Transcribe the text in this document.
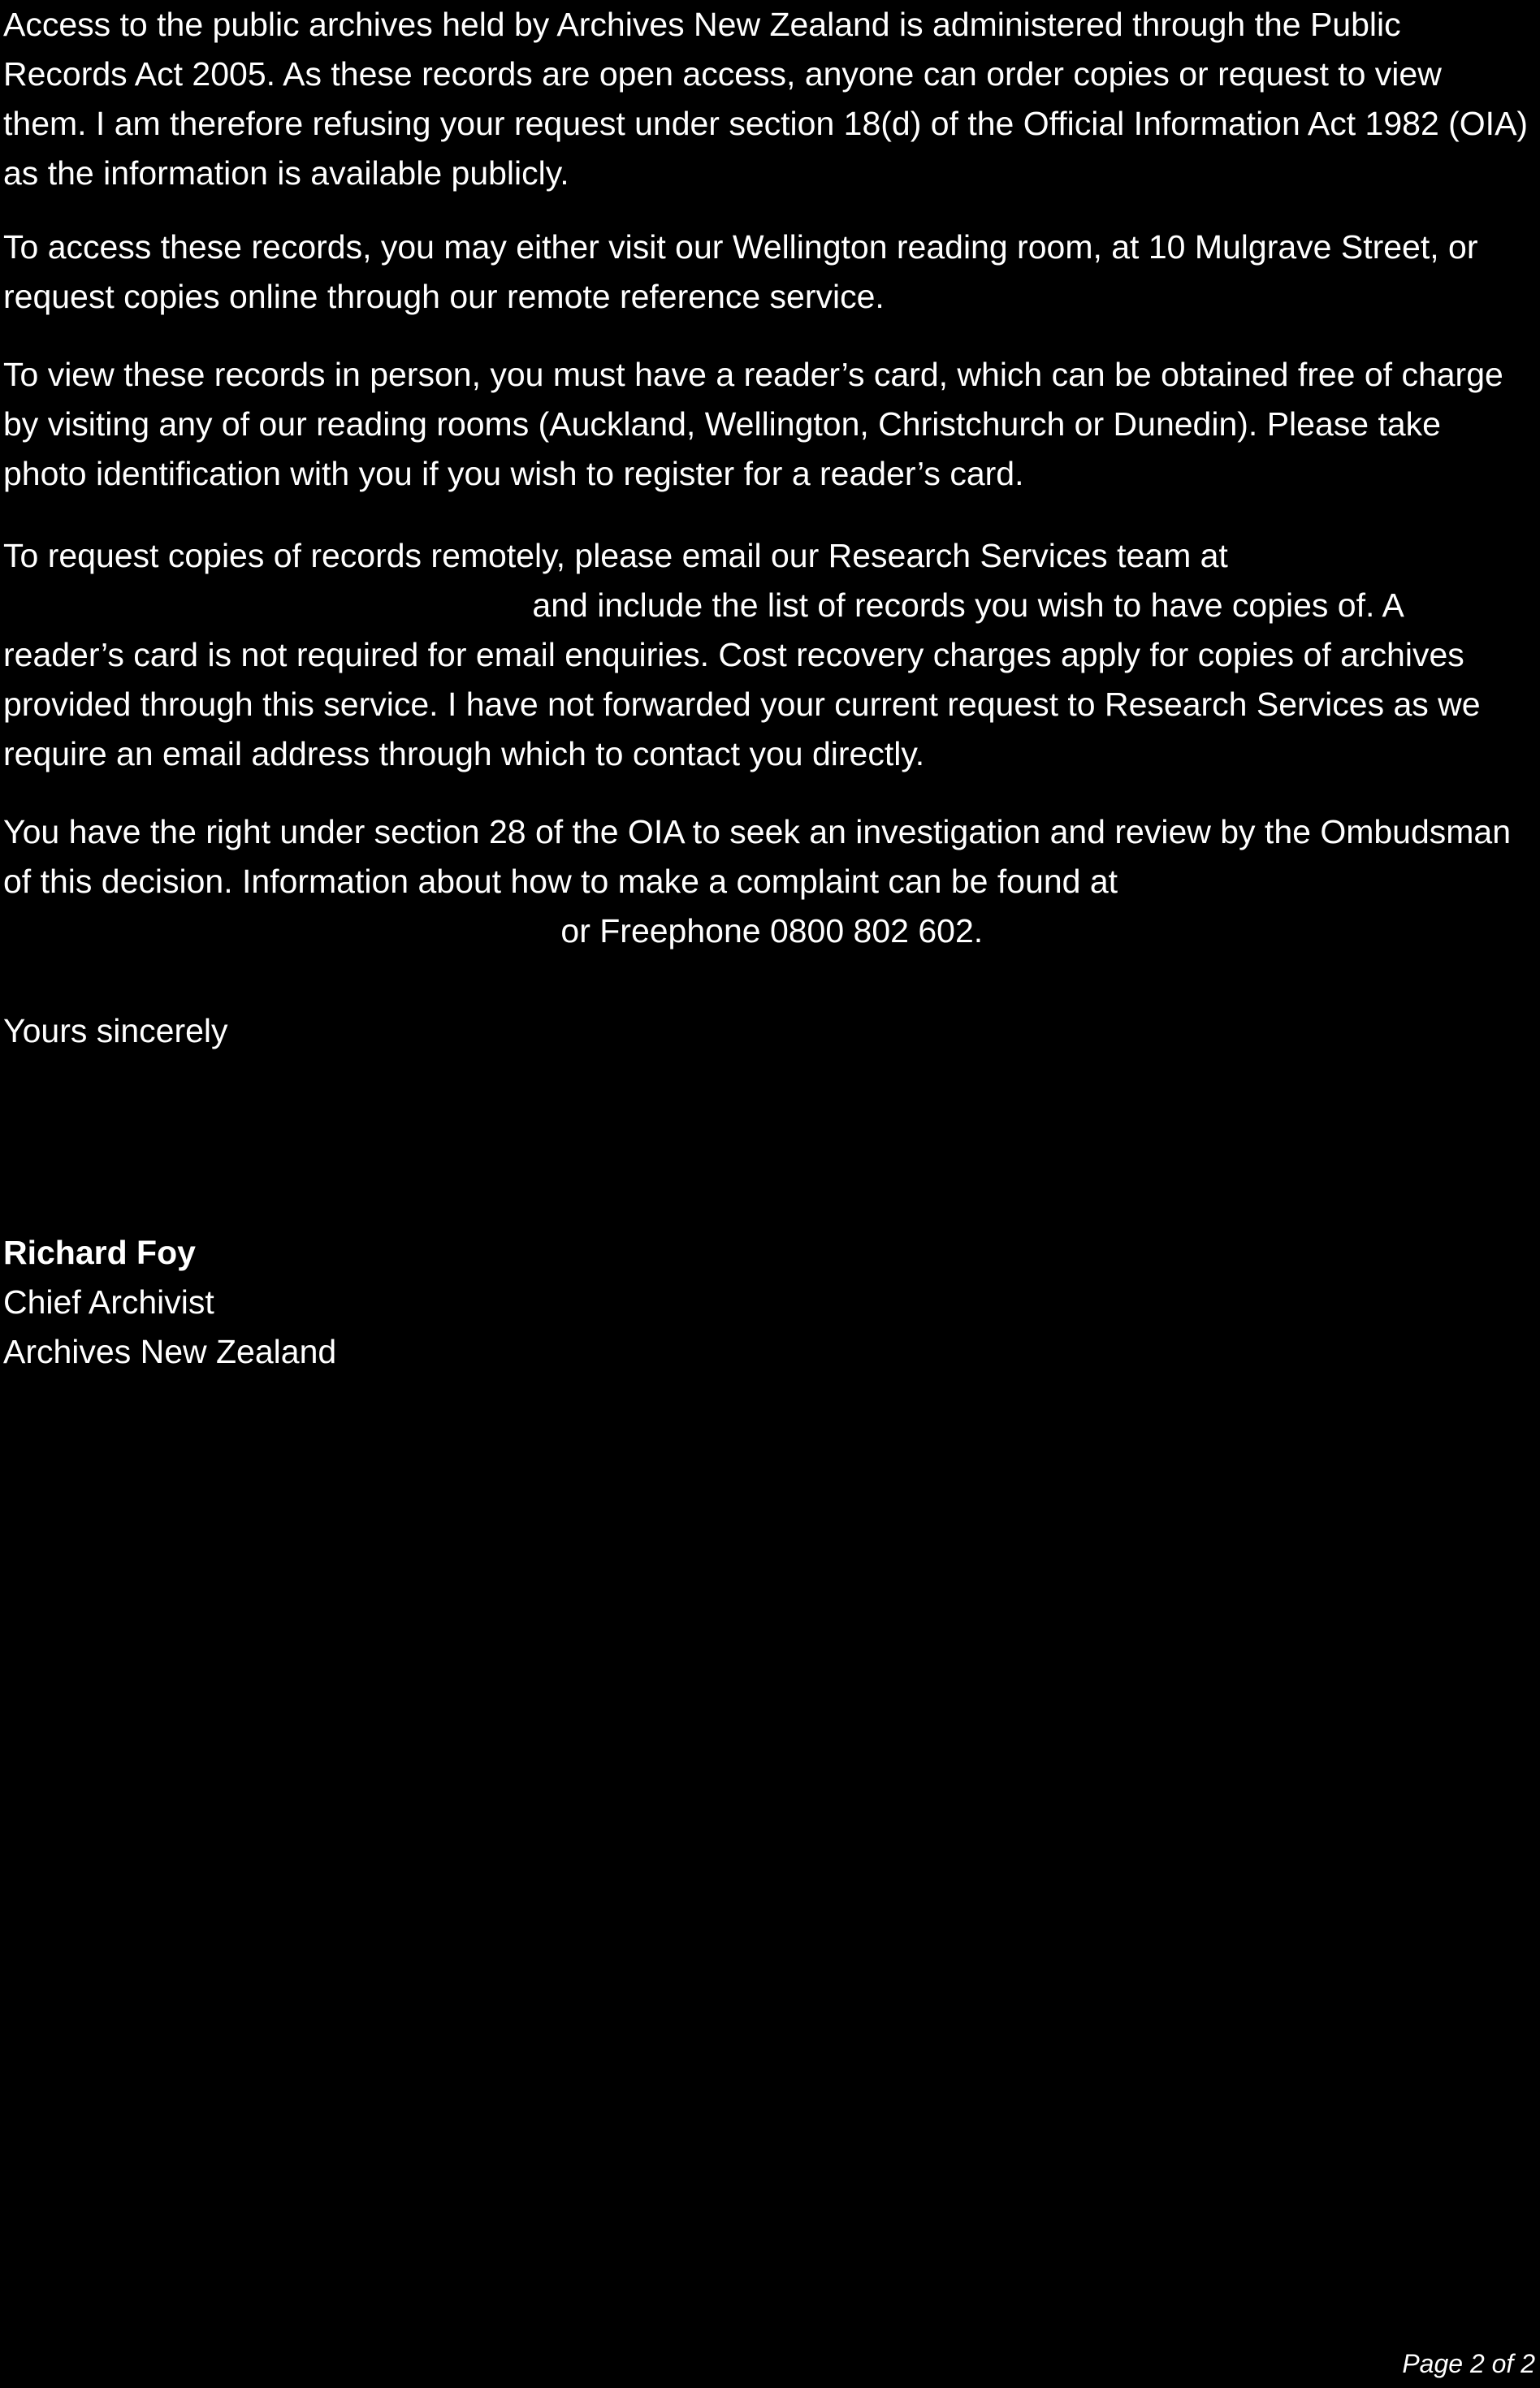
Access to the public archives held by Archives New Zealand is administered through the Public Records Act 2005. As these records are open access, anyone can order copies or request to view them. I am therefore refusing your request under section 18(d) of the Official Information Act 1982 (OIA) as the information is available publicly.

To access these records, you may either visit our Wellington reading room, at 10 Mulgrave Street, or request copies online through our remote reference service.

To view these records in person, you must have a reader’s card, which can be obtained free of charge by visiting any of our reading rooms (Auckland, Wellington, Christchurch or Dunedin). Please take photo identification with you if you wish to register for a reader’s card.

To request copies of records remotely, please email our Research Services team at
and include the list of records you wish to have copies of. A reader’s card is not required for email enquiries. Cost recovery charges apply for copies of archives provided through this service. I have not forwarded your current request to Research Services as we require an email address through which to contact you directly.

You have the right under section 28 of the OIA to seek an investigation and review by the Ombudsman of this decision. Information about how to make a complaint can be found at
or Freephone 0800 802 602.

Yours sincerely

Richard Foy

Chief Archivist

Archives New Zealand

Page 2 of 2
